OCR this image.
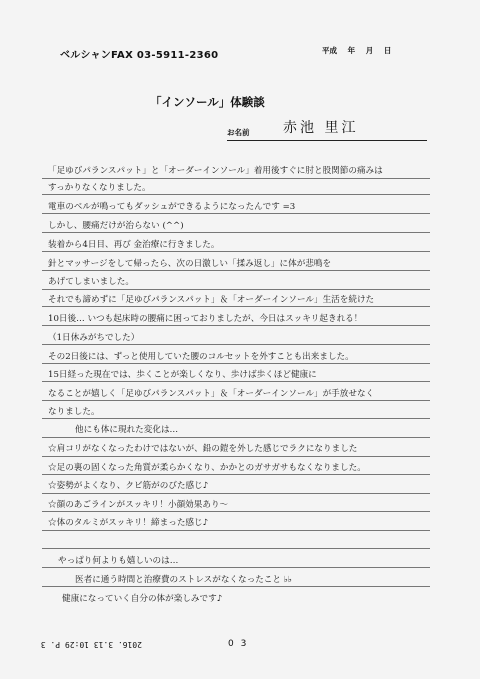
ベルシャンFAX 03-5911-2360	平成 年 月 日
「インソール」体験談
お名前 赤池 里江
「足ゆびパランスパット」と「オーダーインソール」着用後すぐに肘と股関節の痛みは
すっかりなくなりました。
電車のベルが鳴ってもダッシュができるようになったんです =3
しかし、腰痛だけが治らない (^^)
装着から4日目、再び 金治療に行きました。
針とマッサージをして帰ったら、次の日激しい「揉み返し」に体が悲鳴を
あげてしまいました。
それでも諦めずに「足ゆびパランスパット」＆「オーダーインソール」生活を続けた
10日後… いつも起床時の腰痛に困っておりましたが、今日はスッキリ起きれる！
（1日休みがちでした）
その2日後には、ずっと使用していた腰のコルセットを外すことも出来ました。
15日経った現在では、歩くことが楽しくなり、歩けば歩くほど健康に
なることが嬉しく「足ゆびパランスパット」＆「オーダーインソール」が手放せなく
なりました。
他にも体に現れた変化は…
☆肩コリがなくなったわけではないが、鉛の鎧を外した感じでラクになりました
☆足の裏の固くなった角質が柔らかくなり、かかとのガサガサもなくなりました。
☆姿勢がよくなり、クビ筋がのびた感じ♪
☆顔のあごラインがスッキリ！小顔効果あり〜
☆体のタルミがスッキリ！締まった感じ♪
やっぱり何よりも嬉しいのは…
医者に通う時間と治療費のストレスがなくなったこと ♭♭
健康になっていく自分の体が楽しみです♪
0 3
2016. 3.13 10:29 P. 3
